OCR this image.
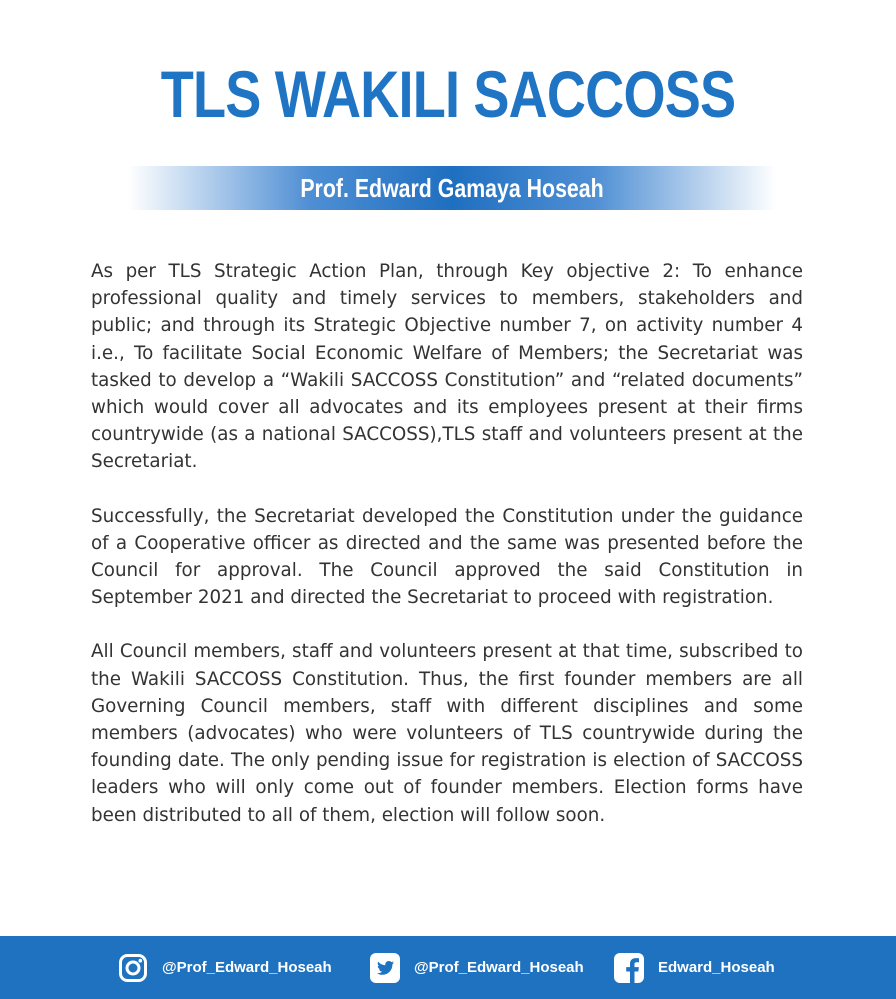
TLS WAKILI SACCOSS
Prof. Edward Gamaya Hoseah

As per TLS Strategic Action Plan, through Key objective 2: To enhance professional quality and timely services to members, stakeholders and public; and through its Strategic Objective number 7, on activity number 4 i.e., To facilitate Social Economic Welfare of Members; the Secretariat was tasked to develop a “Wakili SACCOSS Constitution” and “related documents” which would cover all advocates and its employees present at their firms countrywide (as a national SACCOSS),TLS staff and volunteers present at the Secretariat.

Successfully, the Secretariat developed the Constitution under the guidance of a Cooperative officer as directed and the same was presented before the Council for approval. The Council approved the said Constitution in September 2021 and directed the Secretariat to proceed with registration.

All Council members, staff and volunteers present at that time, subscribed to the Wakili SACCOSS Constitution. Thus, the first founder members are all Governing Council members, staff with different disciplines and some members (advocates) who were volunteers of TLS countrywide during the founding date. The only pending issue for registration is election of SACCOSS leaders who will only come out of founder members. Election forms have been distributed to all of them, election will follow soon.

@Prof_Edward_Hoseah	@Prof_Edward_Hoseah	Edward_Hoseah
